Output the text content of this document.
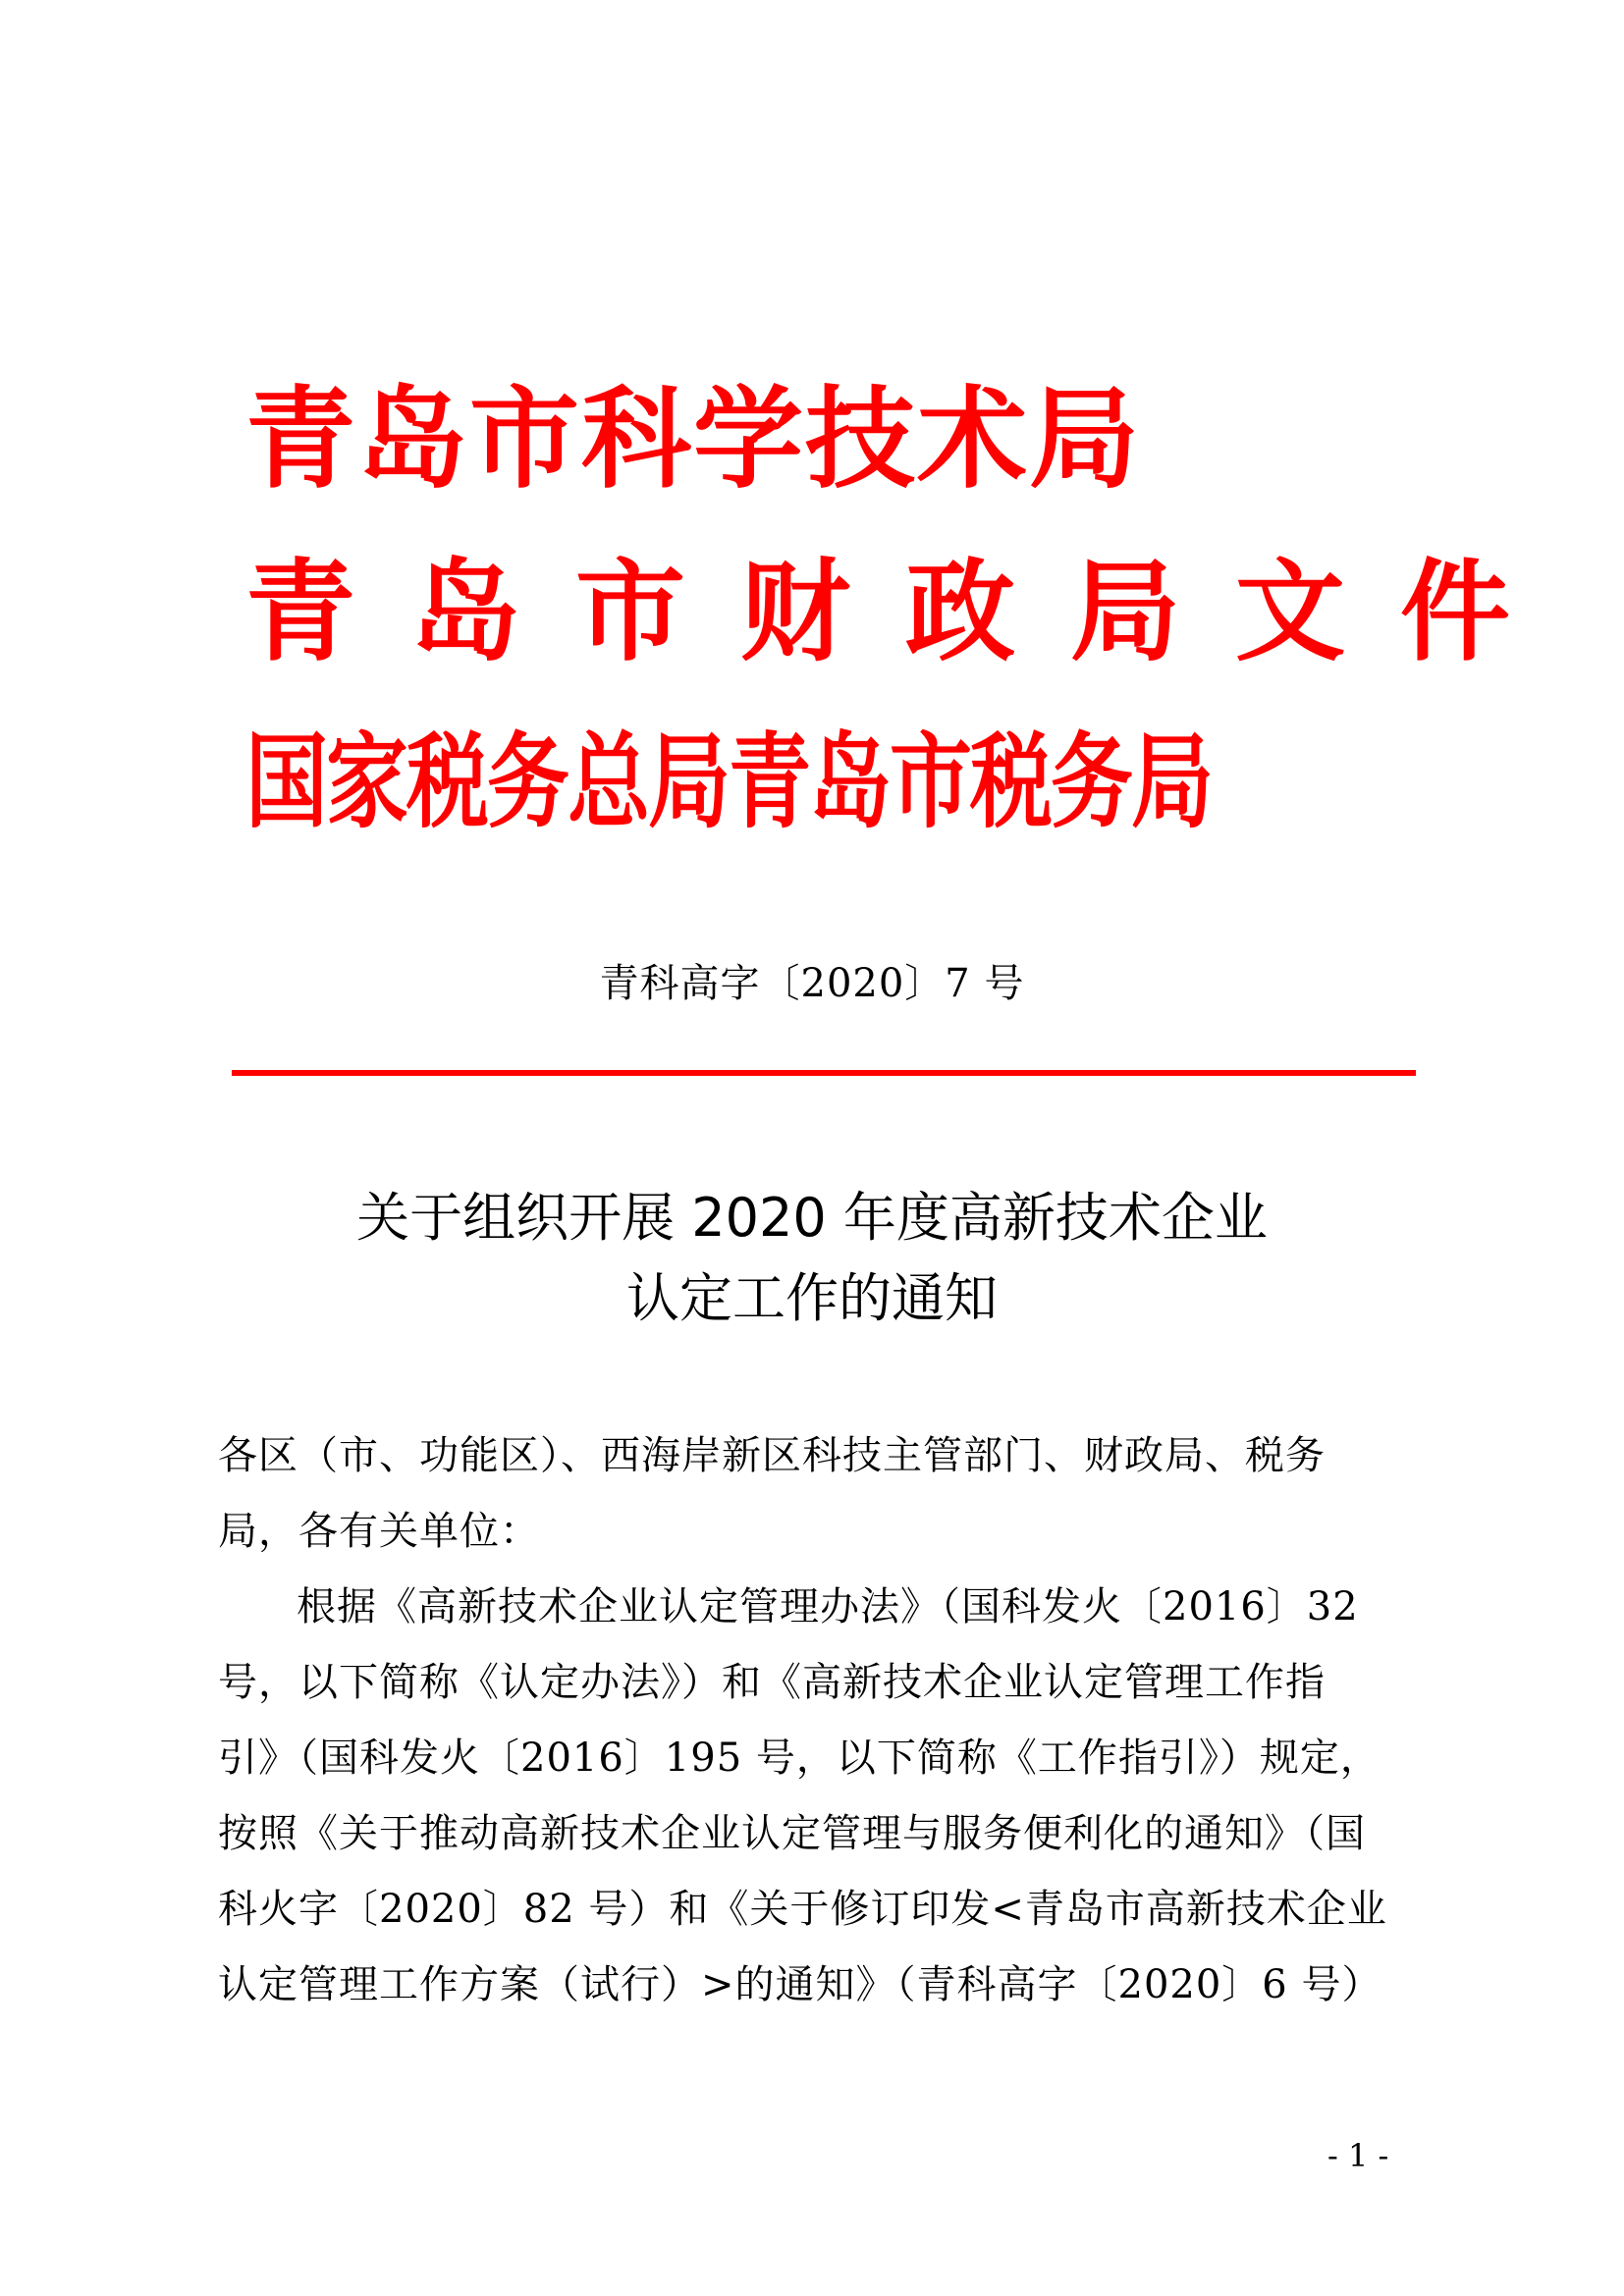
青岛市科学技术局
青岛市财政局文件
国家税务总局青岛市税务局
青科高字〔2020〕7 号
关于组织开展 2020 年度高新技术企业
认定工作的通知
各区（市、功能区）、西海岸新区科技主管部门、财政局、税务
局，各有关单位：
根据《高新技术企业认定管理办法》（国科发火〔2016〕32
号，以下简称《认定办法》）和《高新技术企业认定管理工作指
引》（国科发火〔2016〕195 号，以下简称《工作指引》）规定，
按照《关于推动高新技术企业认定管理与服务便利化的通知》（国
科火字〔2020〕82 号）和《关于修订印发<青岛市高新技术企业
认定管理工作方案（试行）>的通知》（青科高字〔2020〕6 号）
- 1 -
